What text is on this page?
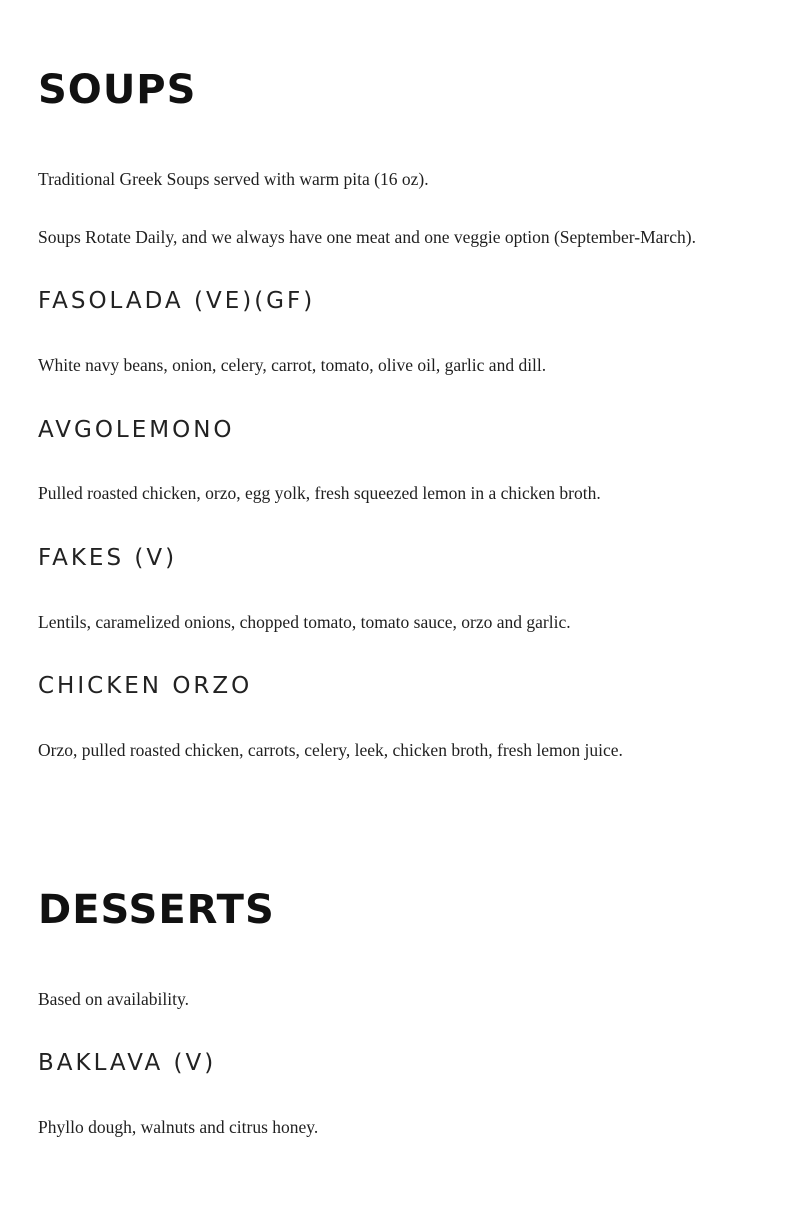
SOUPS

Traditional Greek Soups served with warm pita (16 oz).

Soups Rotate Daily, and we always have one meat and one veggie option (September-March).

FASOLADA (VE)(GF)

White navy beans, onion, celery, carrot, tomato, olive oil, garlic and dill.

AVGOLEMONO

Pulled roasted chicken, orzo, egg yolk, fresh squeezed lemon in a chicken broth.

FAKES (V)

Lentils, caramelized onions, chopped tomato, tomato sauce, orzo and garlic.

CHICKEN ORZO

Orzo, pulled roasted chicken, carrots, celery, leek, chicken broth, fresh lemon juice.

DESSERTS

Based on availability.

BAKLAVA (V)

Phyllo dough, walnuts and citrus honey.
